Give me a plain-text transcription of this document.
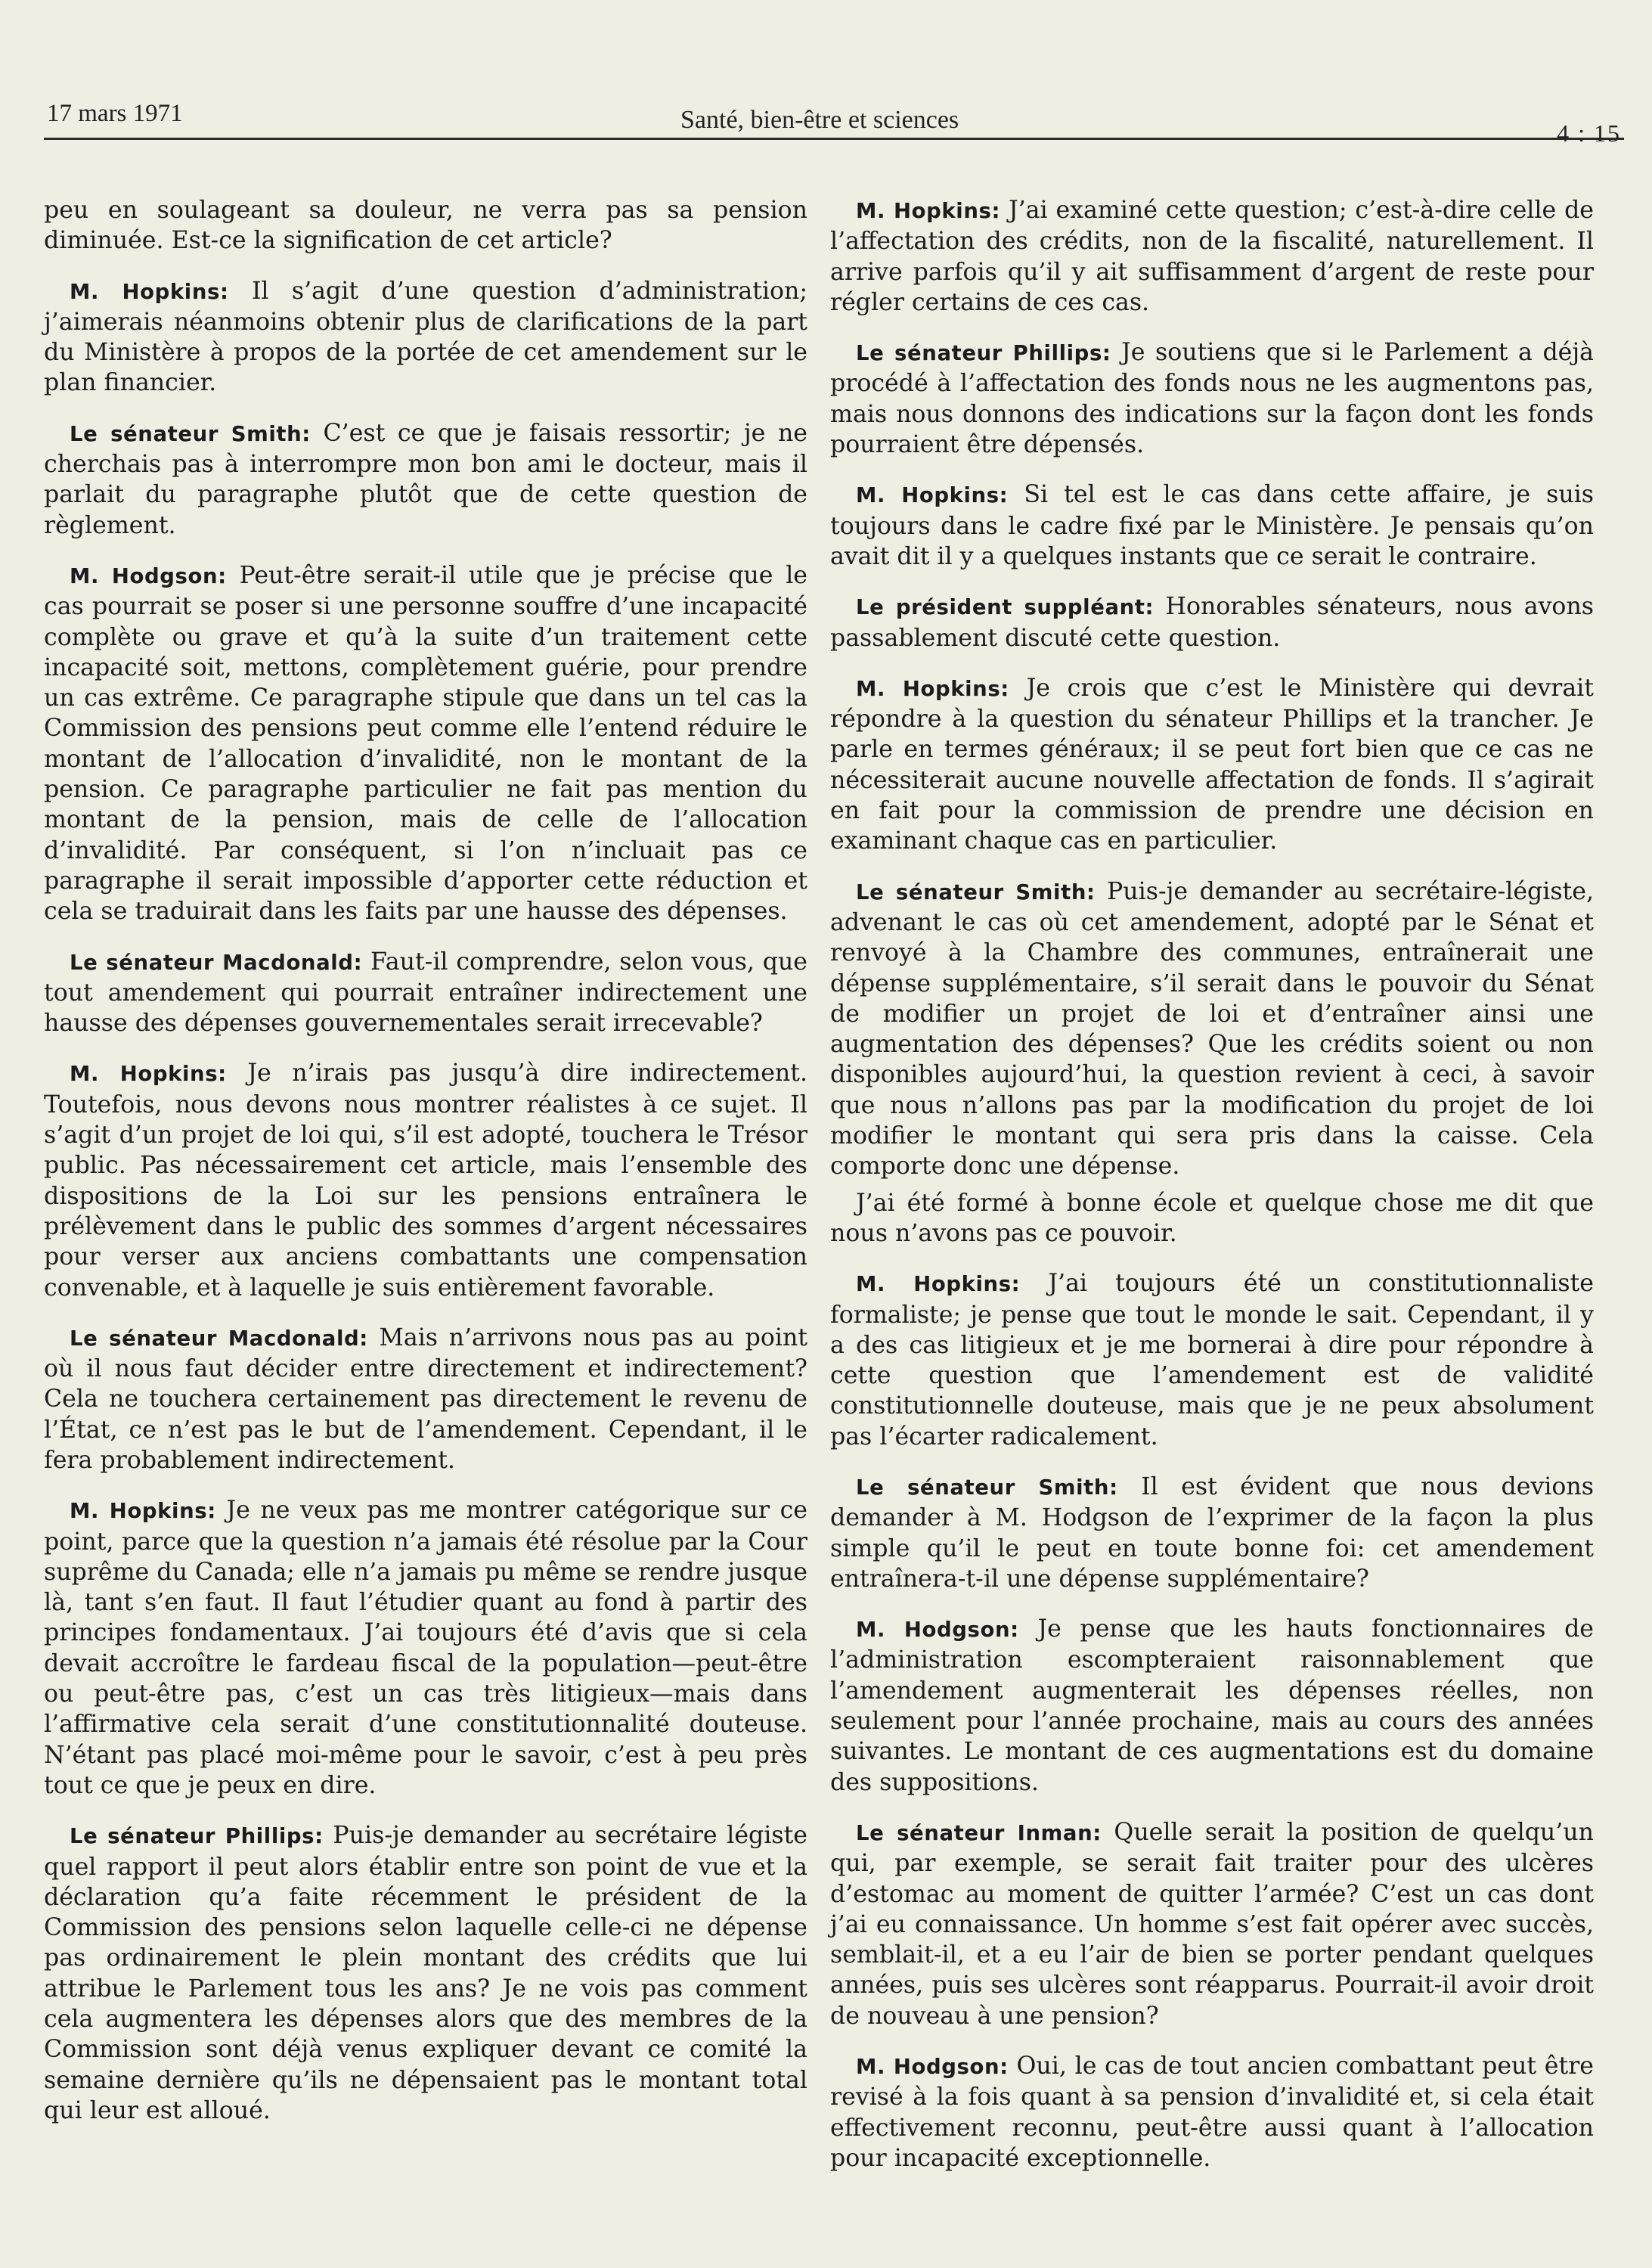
17 mars 1971	Santé, bien-être et sciences	4 : 15

peu en soulageant sa douleur, ne verra pas sa pension diminuée. Est-ce la signification de cet article?

M. Hopkins: Il s’agit d’une question d’administration; j’aimerais néanmoins obtenir plus de clarifications de la part du Ministère à propos de la portée de cet amendement sur le plan financier.

Le sénateur Smith: C’est ce que je faisais ressortir; je ne cherchais pas à interrompre mon bon ami le docteur, mais il parlait du paragraphe plutôt que de cette question de règlement.

M. Hodgson: Peut-être serait-il utile que je précise que le cas pourrait se poser si une personne souffre d’une incapacité complète ou grave et qu’à la suite d’un traitement cette incapacité soit, mettons, complètement guérie, pour prendre un cas extrême. Ce paragraphe stipule que dans un tel cas la Commission des pensions peut comme elle l’entend réduire le montant de l’allocation d’invalidité, non le montant de la pension. Ce paragraphe particulier ne fait pas mention du montant de la pension, mais de celle de l’allocation d’invalidité. Par conséquent, si l’on n’incluait pas ce paragraphe il serait impossible d’apporter cette réduction et cela se traduirait dans les faits par une hausse des dépenses.

Le sénateur Macdonald: Faut-il comprendre, selon vous, que tout amendement qui pourrait entraîner indirectement une hausse des dépenses gouvernementales serait irrecevable?

M. Hopkins: Je n’irais pas jusqu’à dire indirectement. Toutefois, nous devons nous montrer réalistes à ce sujet. Il s’agit d’un projet de loi qui, s’il est adopté, touchera le Trésor public. Pas nécessairement cet article, mais l’ensemble des dispositions de la Loi sur les pensions entraînera le prélèvement dans le public des sommes d’argent nécessaires pour verser aux anciens combattants une compensation convenable, et à laquelle je suis entièrement favorable.

Le sénateur Macdonald: Mais n’arrivons nous pas au point où il nous faut décider entre directement et indirectement? Cela ne touchera certainement pas directement le revenu de l’État, ce n’est pas le but de l’amendement. Cependant, il le fera probablement indirectement.

M. Hopkins: Je ne veux pas me montrer catégorique sur ce point, parce que la question n’a jamais été résolue par la Cour suprême du Canada; elle n’a jamais pu même se rendre jusque là, tant s’en faut. Il faut l’étudier quant au fond à partir des principes fondamentaux. J’ai toujours été d’avis que si cela devait accroître le fardeau fiscal de la population—peut-être ou peut-être pas, c’est un cas très litigieux—mais dans l’affirmative cela serait d’une constitutionnalité douteuse. N’étant pas placé moi-même pour le savoir, c’est à peu près tout ce que je peux en dire.

Le sénateur Phillips: Puis-je demander au secrétaire légiste quel rapport il peut alors établir entre son point de vue et la déclaration qu’a faite récemment le président de la Commission des pensions selon laquelle celle-ci ne dépense pas ordinairement le plein montant des crédits que lui attribue le Parlement tous les ans? Je ne vois pas comment cela augmentera les dépenses alors que des membres de la Commission sont déjà venus expliquer devant ce comité la semaine dernière qu’ils ne dépensaient pas le montant total qui leur est alloué.

M. Hopkins: J’ai examiné cette question; c’est-à-dire celle de l’affectation des crédits, non de la fiscalité, naturellement. Il arrive parfois qu’il y ait suffisamment d’argent de reste pour régler certains de ces cas.

Le sénateur Phillips: Je soutiens que si le Parlement a déjà procédé à l’affectation des fonds nous ne les augmentons pas, mais nous donnons des indications sur la façon dont les fonds pourraient être dépensés.

M. Hopkins: Si tel est le cas dans cette affaire, je suis toujours dans le cadre fixé par le Ministère. Je pensais qu’on avait dit il y a quelques instants que ce serait le contraire.

Le président suppléant: Honorables sénateurs, nous avons passablement discuté cette question.

M. Hopkins: Je crois que c’est le Ministère qui devrait répondre à la question du sénateur Phillips et la trancher. Je parle en termes généraux; il se peut fort bien que ce cas ne nécessiterait aucune nouvelle affectation de fonds. Il s’agirait en fait pour la commission de prendre une décision en examinant chaque cas en particulier.

Le sénateur Smith: Puis-je demander au secrétaire-légiste, advenant le cas où cet amendement, adopté par le Sénat et renvoyé à la Chambre des communes, entraînerait une dépense supplémentaire, s’il serait dans le pouvoir du Sénat de modifier un projet de loi et d’entraîner ainsi une augmentation des dépenses? Que les crédits soient ou non disponibles aujourd’hui, la question revient à ceci, à savoir que nous n’allons pas par la modification du projet de loi modifier le montant qui sera pris dans la caisse. Cela comporte donc une dépense.

J’ai été formé à bonne école et quelque chose me dit que nous n’avons pas ce pouvoir.

M. Hopkins: J’ai toujours été un constitutionnaliste formaliste; je pense que tout le monde le sait. Cependant, il y a des cas litigieux et je me bornerai à dire pour répondre à cette question que l’amendement est de validité constitutionnelle douteuse, mais que je ne peux absolument pas l’écarter radicalement.

Le sénateur Smith: Il est évident que nous devions demander à M. Hodgson de l’exprimer de la façon la plus simple qu’il le peut en toute bonne foi: cet amendement entraînera-t-il une dépense supplémentaire?

M. Hodgson: Je pense que les hauts fonctionnaires de l’administration escompteraient raisonnablement que l’amendement augmenterait les dépenses réelles, non seulement pour l’année prochaine, mais au cours des années suivantes. Le montant de ces augmentations est du domaine des suppositions.

Le sénateur Inman: Quelle serait la position de quelqu’un qui, par exemple, se serait fait traiter pour des ulcères d’estomac au moment de quitter l’armée? C’est un cas dont j’ai eu connaissance. Un homme s’est fait opérer avec succès, semblait-il, et a eu l’air de bien se porter pendant quelques années, puis ses ulcères sont réapparus. Pourrait-il avoir droit de nouveau à une pension?

M. Hodgson: Oui, le cas de tout ancien combattant peut être revisé à la fois quant à sa pension d’invalidité et, si cela était effectivement reconnu, peut-être aussi quant à l’allocation pour incapacité exceptionnelle.
